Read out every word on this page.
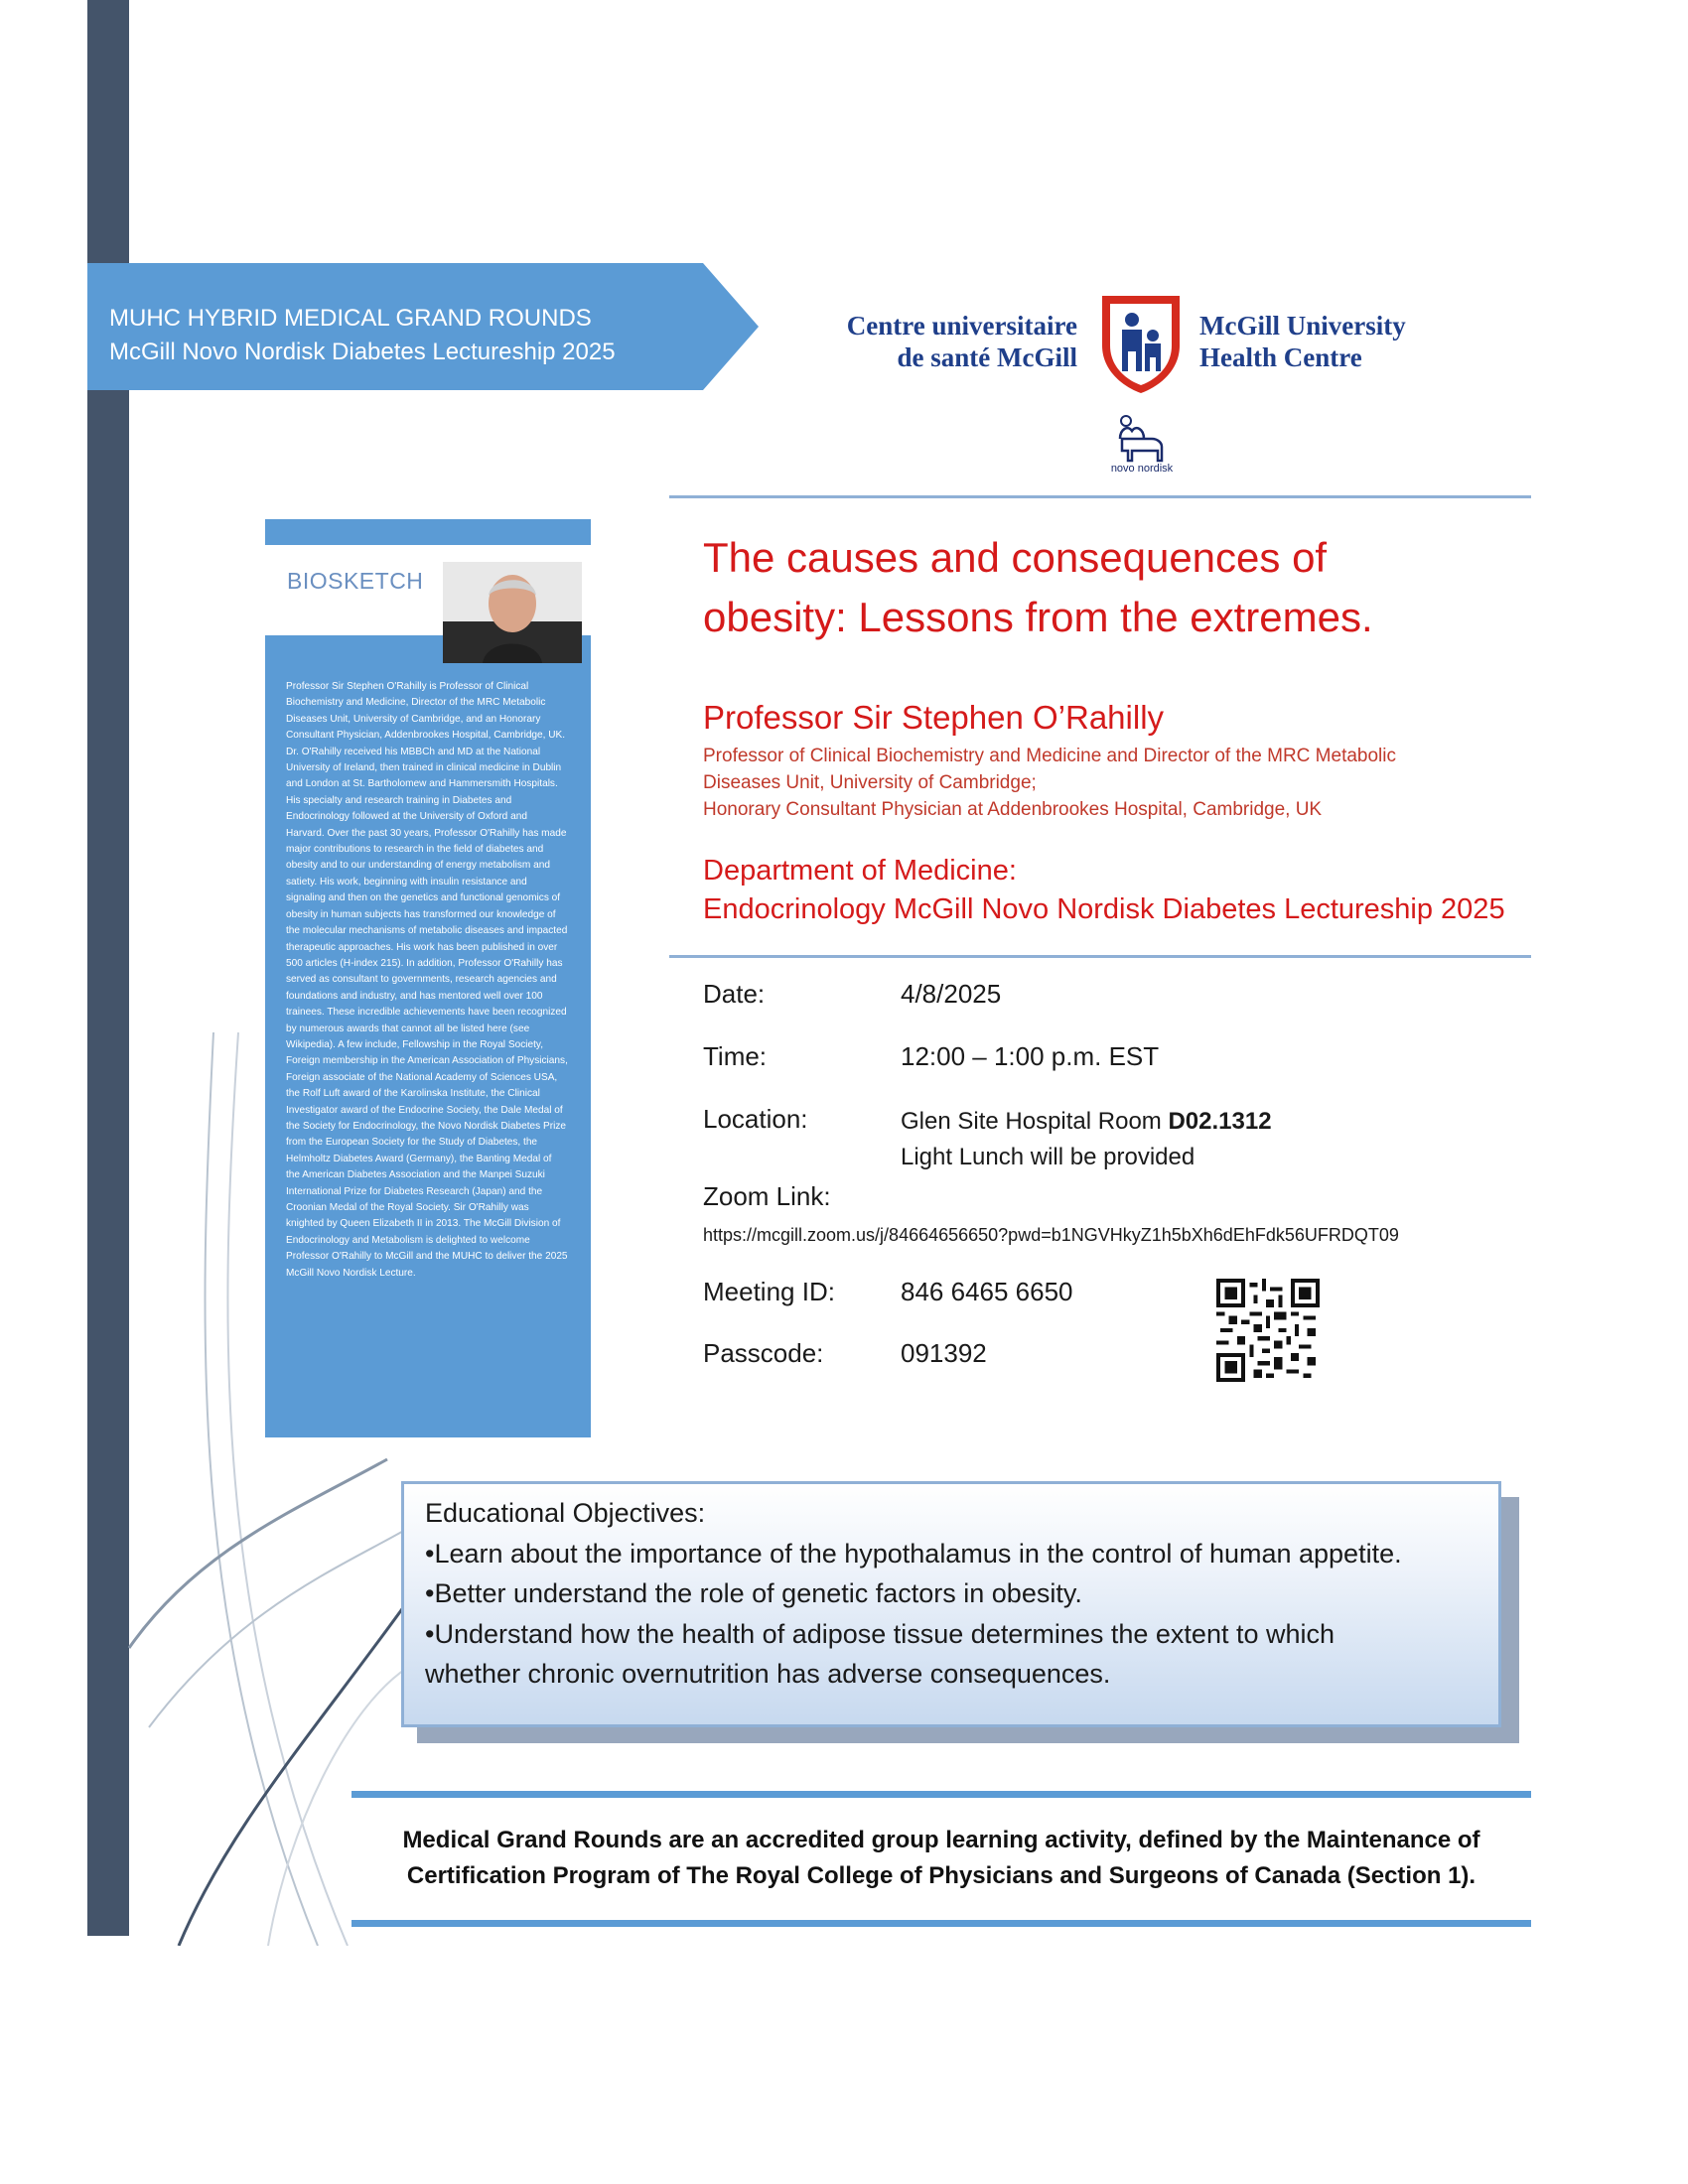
MUHC HYBRID MEDICAL GRAND ROUNDS
McGill Novo Nordisk Diabetes Lectureship 2025
Centre universitaire
de santé McGill
McGill University
Health Centre
novo nordisk
BIOSKETCH
Professor Sir Stephen O'Rahilly is Professor of Clinical Biochemistry and Medicine, Director of the MRC Metabolic Diseases Unit, University of Cambridge, and an Honorary Consultant Physician, Addenbrookes Hospital, Cambridge, UK. Dr. O'Rahilly received his MBBCh and MD at the National University of Ireland, then trained in clinical medicine in Dublin and London at St. Bartholomew and Hammersmith Hospitals. His specialty and research training in Diabetes and Endocrinology followed at the University of Oxford and Harvard. Over the past 30 years, Professor O'Rahilly has made major contributions to research in the field of diabetes and obesity and to our understanding of energy metabolism and satiety. His work, beginning with insulin resistance and signaling and then on the genetics and functional genomics of obesity in human subjects has transformed our knowledge of the molecular mechanisms of metabolic diseases and impacted therapeutic approaches. His work has been published in over 500 articles (H-index 215). In addition, Professor O'Rahilly has served as consultant to governments, research agencies and foundations and industry, and has mentored well over 100 trainees. These incredible achievements have been recognized by numerous awards that cannot all be listed here (see Wikipedia). A few include, Fellowship in the Royal Society, Foreign membership in the American Association of Physicians, Foreign associate of the National Academy of Sciences USA, the Rolf Luft award of the Karolinska Institute, the Clinical Investigator award of the Endocrine Society, the Dale Medal of the Society for Endocrinology, the Novo Nordisk Diabetes Prize from the European Society for the Study of Diabetes, the Helmholtz Diabetes Award (Germany), the Banting Medal of the American Diabetes Association and the Manpei Suzuki International Prize for Diabetes Research (Japan) and the Croonian Medal of the Royal Society. Sir O'Rahilly was knighted by Queen Elizabeth II in 2013. The McGill Division of Endocrinology and Metabolism is delighted to welcome Professor O'Rahilly to McGill and the MUHC to deliver the 2025 McGill Novo Nordisk Lecture.
The causes and consequences of
obesity: Lessons from the extremes.
Professor Sir Stephen O’Rahilly
Professor of Clinical Biochemistry and Medicine and Director of the MRC Metabolic
Diseases Unit, University of Cambridge;
Honorary Consultant Physician at Addenbrookes Hospital, Cambridge, UK
Department of Medicine:
Endocrinology McGill Novo Nordisk Diabetes Lectureship 2025
Date:	4/8/2025
Time:	12:00 – 1:00 p.m. EST
Location:	Glen Site Hospital Room D02.1312
Light Lunch will be provided
Zoom Link:
https://mcgill.zoom.us/j/84664656650?pwd=b1NGVHkyZ1h5bXh6dEhFdk56UFRDQT09
Meeting ID:	846 6465 6650
Passcode:	091392
Educational Objectives:
•Learn about the importance of the hypothalamus in the control of human appetite.
•Better understand the role of genetic factors in obesity.
•Understand how the health of adipose tissue determines the extent to which
whether chronic overnutrition has adverse consequences.
Medical Grand Rounds are an accredited group learning activity, defined by the Maintenance of
Certification Program of The Royal College of Physicians and Surgeons of Canada (Section 1).
